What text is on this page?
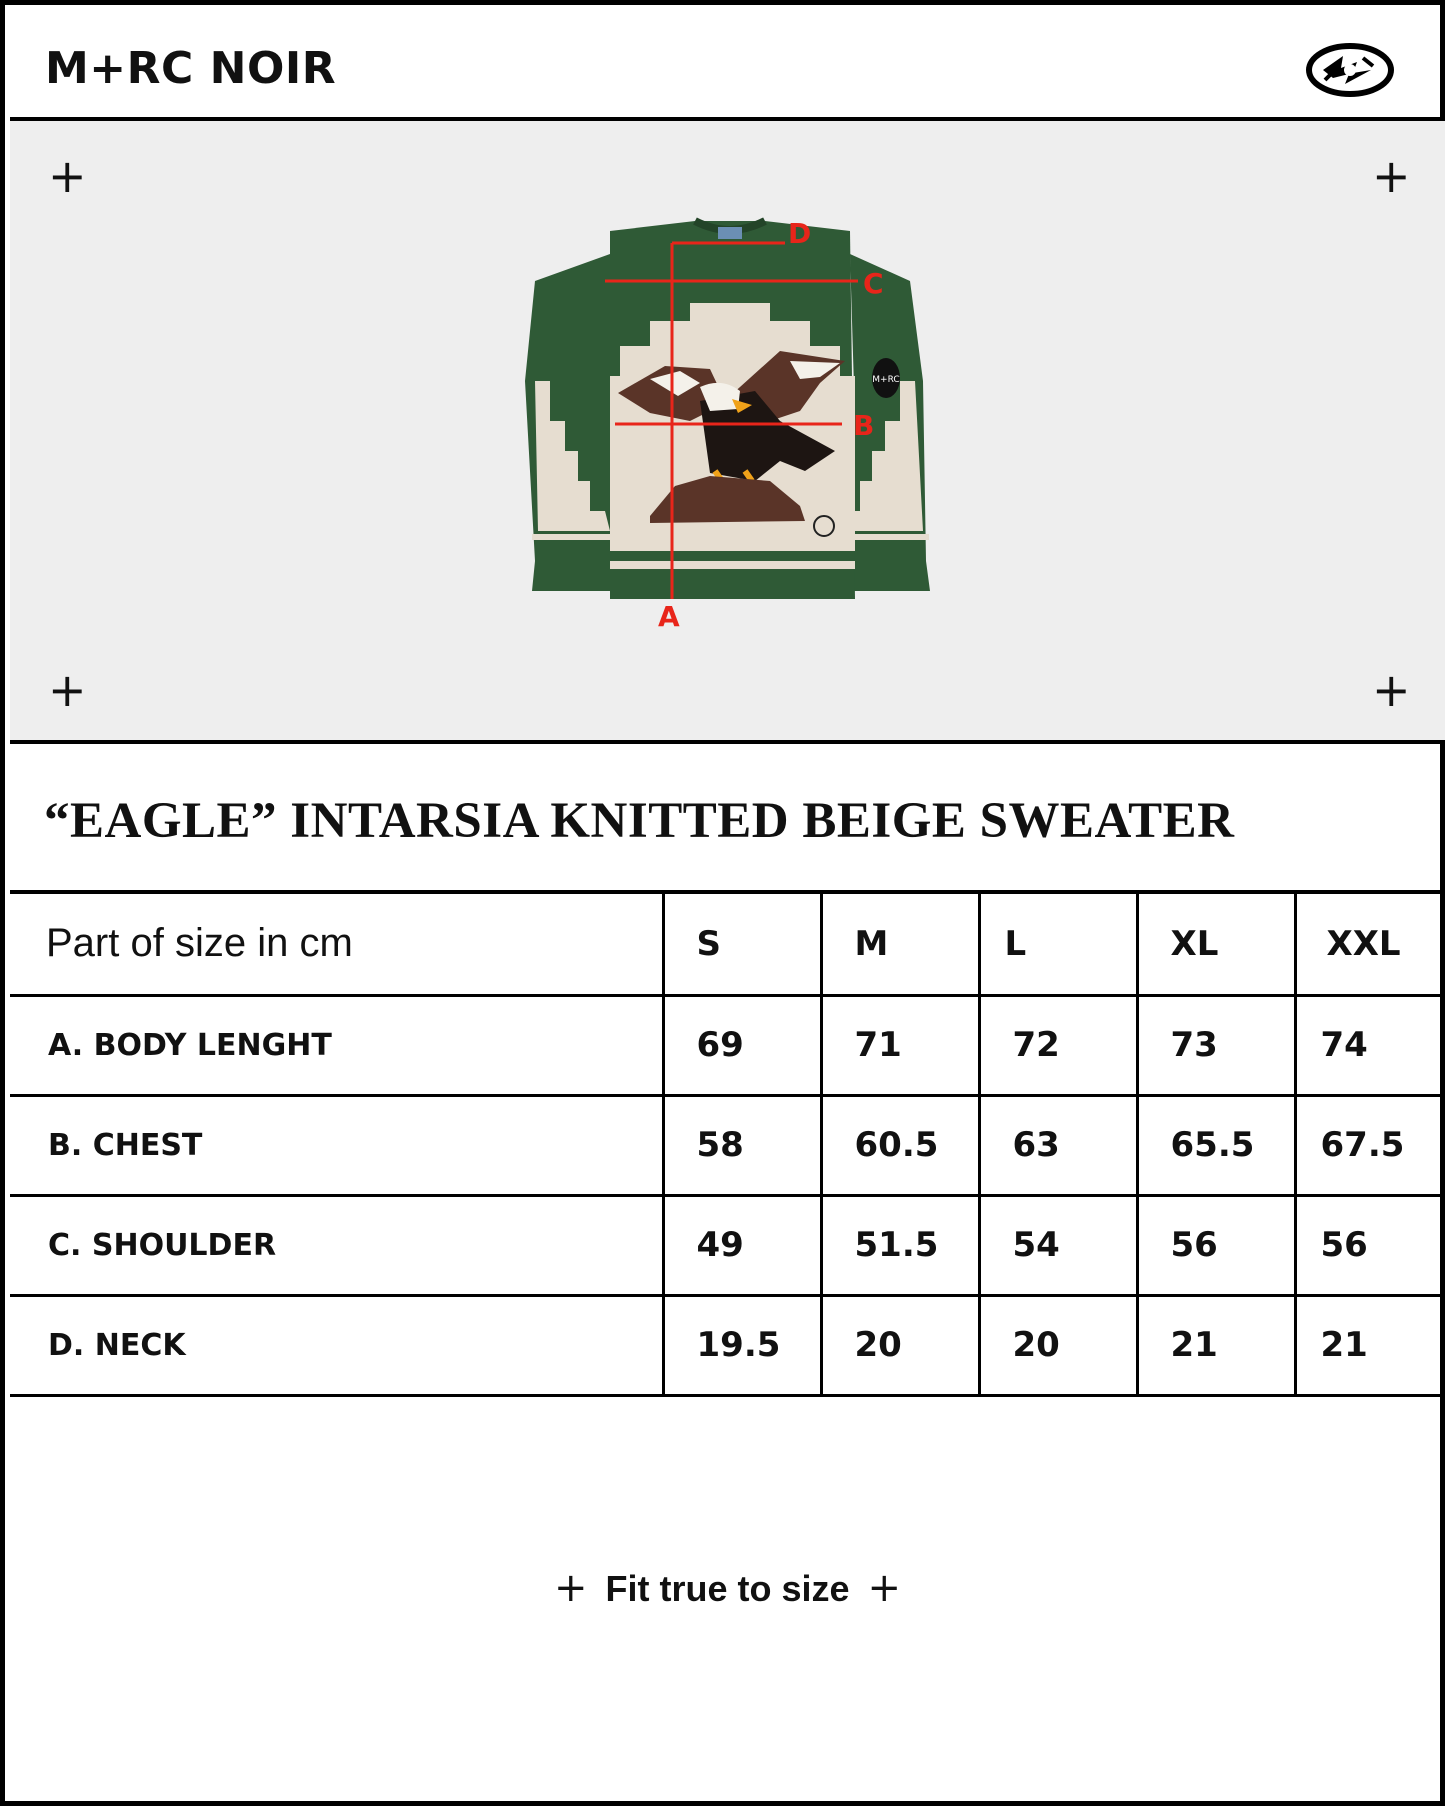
M+RC NOIR
+	+
+	+
M+RC
A
B
C
D
“EAGLE” INTARSIA KNITTED BEIGE SWEATER
Part of size in cm	S	M	L	XL	XXL
A. BODY LENGHT	69	71	72	73	74
B. CHEST	58	60.5	63	65.5	67.5
C. SHOULDER	49	51.5	54	56	56
D. NECK	19.5	20	20	21	21
+ Fit true to size +
